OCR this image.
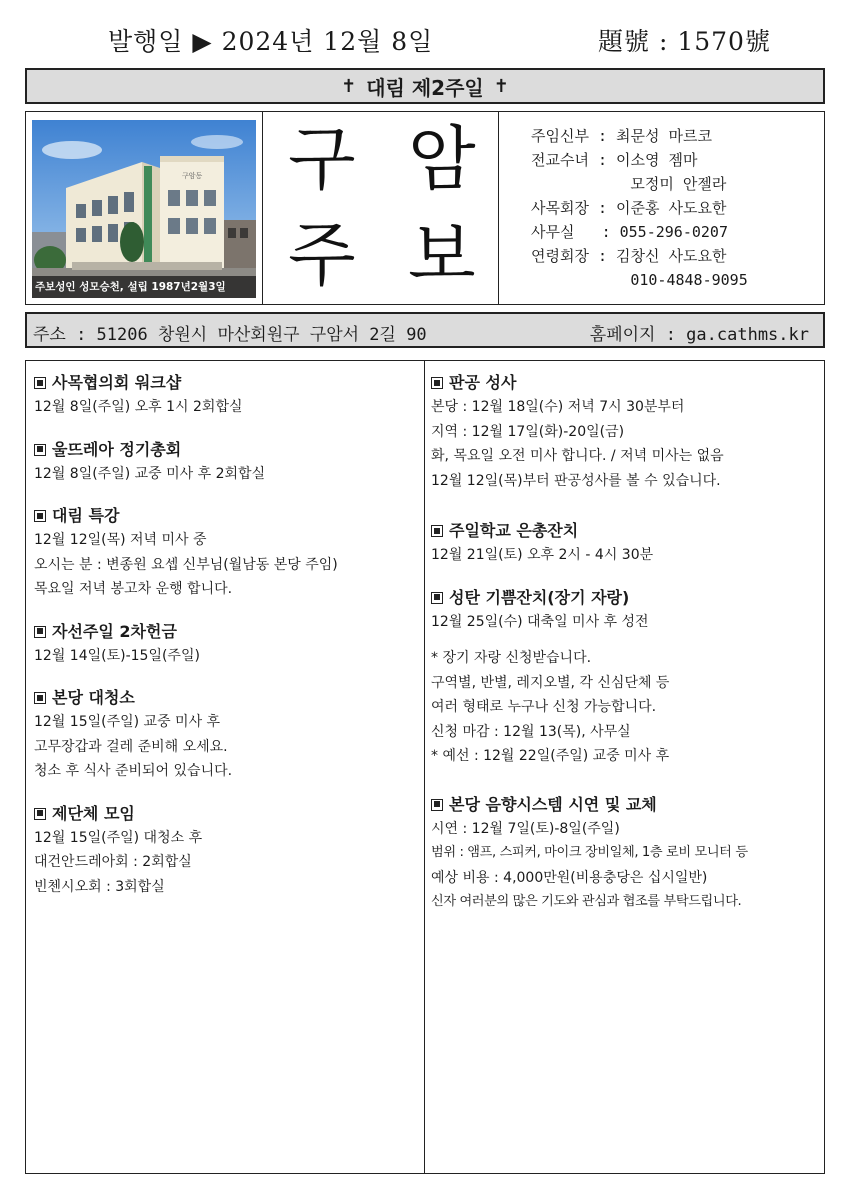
발행일 ▶ 2024년 12월 8일	題號 : 1570號
✝ 대림 제2주일 ✝
구암동
주보성인 성모승천, 설립 1987년2월3일
구 암
주 보
주임신부 : 최문성 마르코
전교수녀 : 이소영 젬마
모정미 안젤라
사목회장 : 이준홍 사도요한
사무실   : 055-296-0207
연령회장 : 김창신 사도요한
010-4848-9095
주소 : 51206 창원시 마산회원구 구암서 2길 90	홈페이지 : ga.cathms.kr
사목협의회 워크샵
12월 8일(주일) 오후 1시 2회합실
울뜨레아 정기총회
12월 8일(주일) 교중 미사 후 2회합실
대림 특강
12월 12일(목) 저녁 미사 중
오시는 분 : 변종원 요셉 신부님(월남동 본당 주임)
목요일 저녁 봉고차 운행 합니다.
자선주일 2차헌금
12월 14일(토)-15일(주일)
본당 대청소
12월 15일(주일) 교중 미사 후
고무장갑과 걸레 준비해 오세요.
청소 후 식사 준비되어 있습니다.
제단체 모임
12월 15일(주일) 대청소 후
대건안드레아회 : 2회합실
빈첸시오회 : 3회합실
판공 성사
본당 : 12월 18일(수) 저녁 7시 30분부터
지역 : 12월 17일(화)-20일(금)
화, 목요일 오전 미사 합니다. / 저녁 미사는 없음
12월 12일(목)부터 판공성사를 볼 수 있습니다.
주일학교 은총잔치
12월 21일(토) 오후 2시 - 4시 30분
성탄 기쁨잔치(장기 자랑)
12월 25일(수) 대축일 미사 후 성전
* 장기 자랑 신청받습니다.
구역별, 반별, 레지오별, 각 신심단체 등
여러 형태로 누구나 신청 가능합니다.
신청 마감 : 12월 13(목), 사무실
* 예선 : 12월 22일(주일) 교중 미사 후
본당 음향시스템 시연 및 교체
시연 : 12월 7일(토)-8일(주일)
범위 : 앰프, 스피커, 마이크 장비일체, 1층 로비 모니터 등
예상 비용 : 4,000만원(비용충당은 십시일반)
신자 여러분의 많은 기도와 관심과 협조를 부탁드립니다.
